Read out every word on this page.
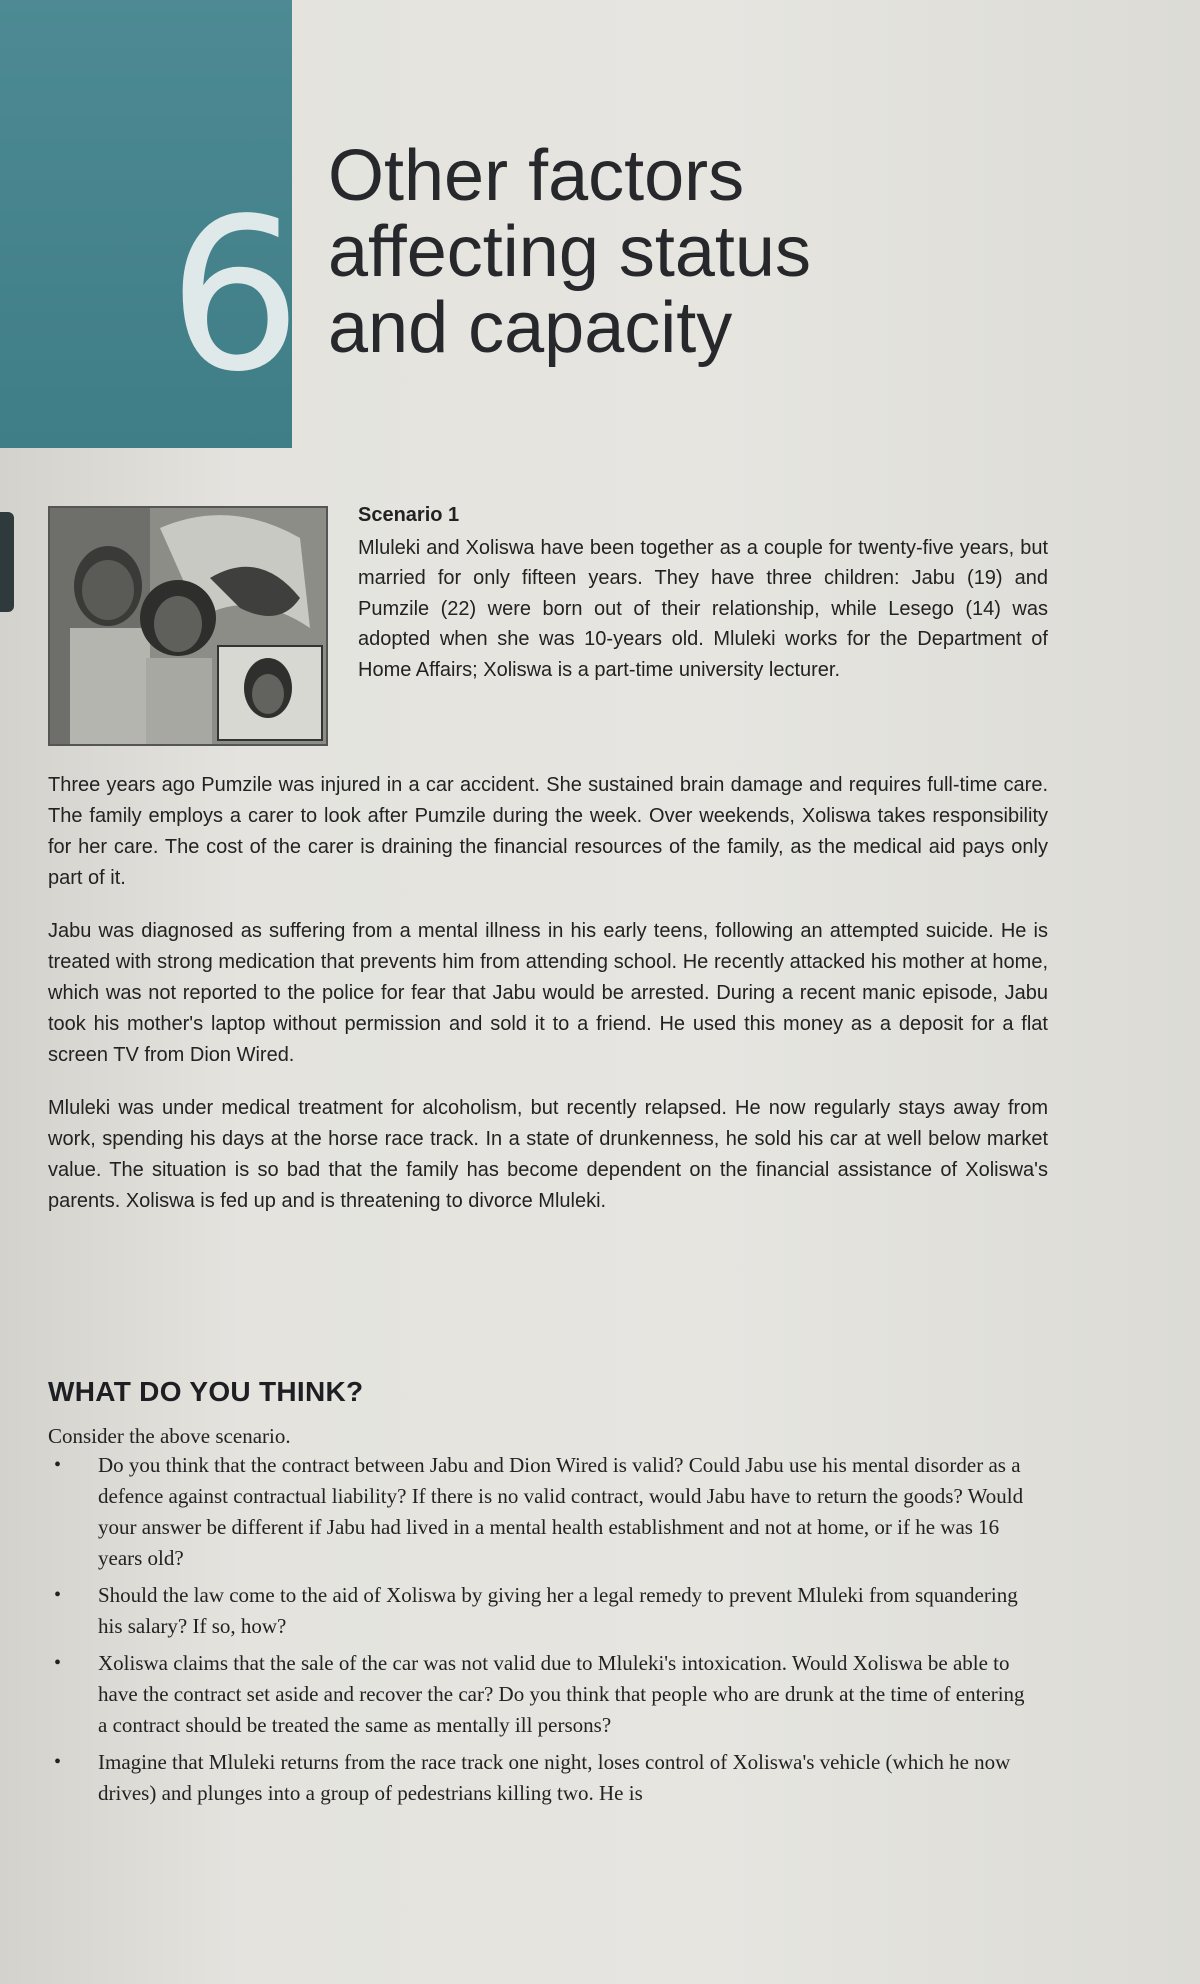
6 Other factors
affecting status
and capacity
Scenario 1

Mluleki and Xoliswa have been together as a couple for twenty-five years, but married for only fifteen years. They have three children: Jabu (19) and Pumzile (22) were born out of their relationship, while Lesego (14) was adopted when she was 10-years old. Mluleki works for the Department of Home Affairs; Xoliswa is a part-time university lecturer.

Three years ago Pumzile was injured in a car accident. She sustained brain damage and requires full-time care. The family employs a carer to look after Pumzile during the week. Over weekends, Xoliswa takes responsibility for her care. The cost of the carer is draining the financial resources of the family, as the medical aid pays only part of it.

Jabu was diagnosed as suffering from a mental illness in his early teens, following an attempted suicide. He is treated with strong medication that prevents him from attending school. He recently attacked his mother at home, which was not reported to the police for fear that Jabu would be arrested. During a recent manic episode, Jabu took his mother's laptop without permission and sold it to a friend. He used this money as a deposit for a flat screen TV from Dion Wired.

Mluleki was under medical treatment for alcoholism, but recently relapsed. He now regularly stays away from work, spending his days at the horse race track. In a state of drunkenness, he sold his car at well below market value. The situation is so bad that the family has become dependent on the financial assistance of Xoliswa's parents. Xoliswa is fed up and is threatening to divorce Mluleki.

WHAT DO YOU THINK?
Consider the above scenario.
• Do you think that the contract between Jabu and Dion Wired is valid? Could Jabu use his mental disorder as a defence against contractual liability? If there is no valid contract, would Jabu have to return the goods? Would your answer be different if Jabu had lived in a mental health establishment and not at home, or if he was 16 years old?
• Should the law come to the aid of Xoliswa by giving her a legal remedy to prevent Mluleki from squandering his salary? If so, how?
• Xoliswa claims that the sale of the car was not valid due to Mluleki's intoxication. Would Xoliswa be able to have the contract set aside and recover the car? Do you think that people who are drunk at the time of entering a contract should be treated the same as mentally ill persons?
• Imagine that Mluleki returns from the race track one night, loses control of Xoliswa's vehicle (which he now drives) and plunges into a group of pedestrians killing two. He is
